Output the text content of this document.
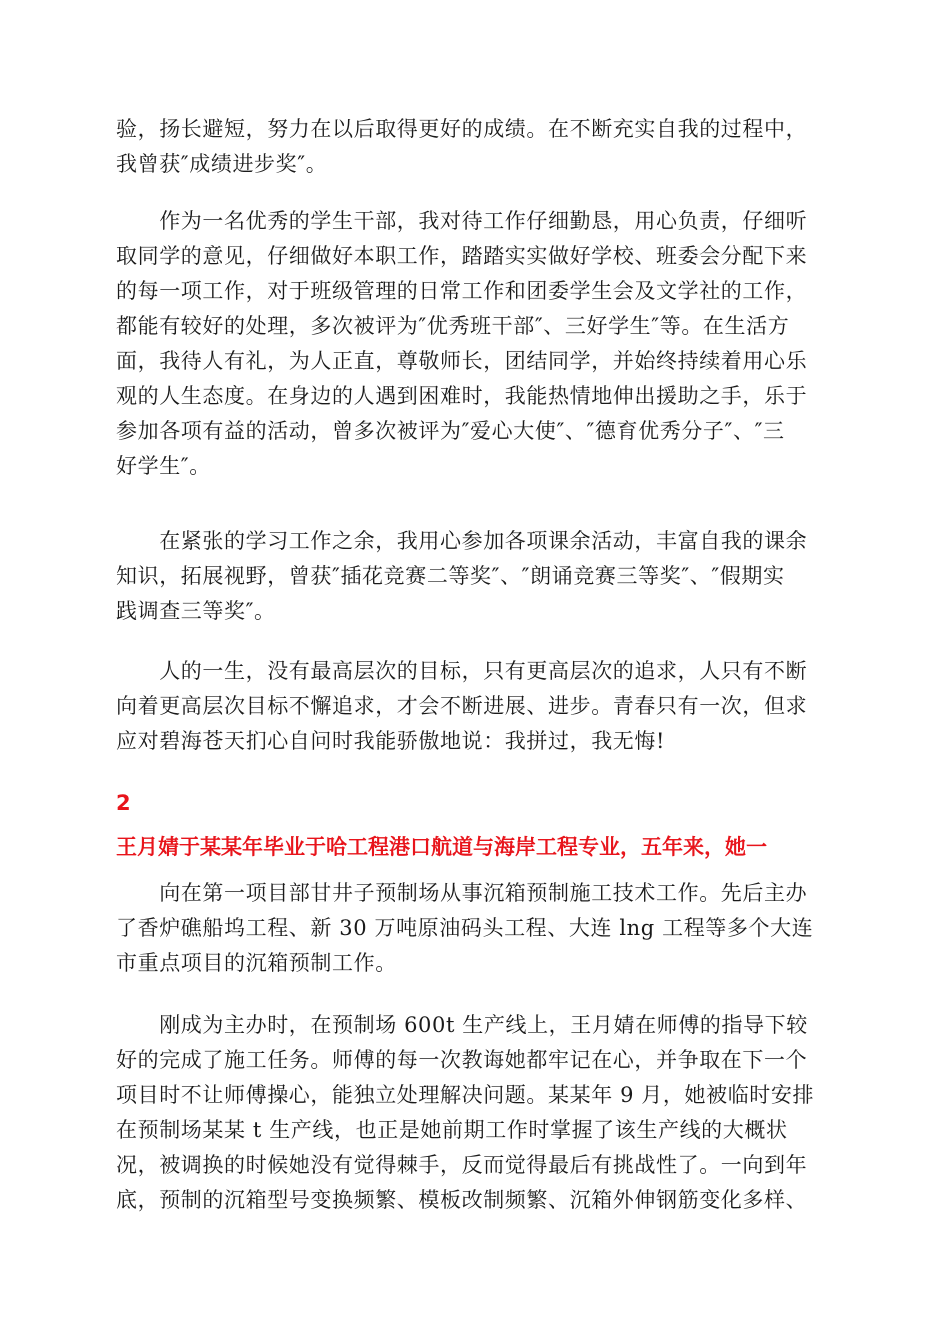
验，扬长避短，努力在以后取得更好的成绩。在不断充实自我的过程中，
我曾获″成绩进步奖″。

　　作为一名优秀的学生干部，我对待工作仔细勤恳，用心负责，仔细听
取同学的意见，仔细做好本职工作，踏踏实实做好学校、班委会分配下来
的每一项工作，对于班级管理的日常工作和团委学生会及文学社的工作，
都能有较好的处理，多次被评为″优秀班干部″、三好学生″等。在生活方
面，我待人有礼，为人正直，尊敬师长，团结同学，并始终持续着用心乐
观的人生态度。在身边的人遇到困难时，我能热情地伸出援助之手，乐于
参加各项有益的活动，曾多次被评为″爱心大使″、″德育优秀分子″、″三
好学生″。

　　在紧张的学习工作之余，我用心参加各项课余活动，丰富自我的课余
知识，拓展视野，曾获″插花竞赛二等奖″、″朗诵竞赛三等奖″、″假期实
践调查三等奖″。

　　人的一生，没有最高层次的目标，只有更高层次的追求，人只有不断
向着更高层次目标不懈追求，才会不断进展、进步。青春只有一次，但求
应对碧海苍天扪心自问时我能骄傲地说：我拼过，我无悔!

2
王月婧于某某年毕业于哈工程港口航道与海岸工程专业，五年来，她一

　　向在第一项目部甘井子预制场从事沉箱预制施工技术工作。先后主办
了香炉礁船坞工程、新 30 万吨原油码头工程、大连 lng 工程等多个大连
市重点项目的沉箱预制工作。

　　刚成为主办时，在预制场 600t 生产线上，王月婧在师傅的指导下较
好的完成了施工任务。师傅的每一次教诲她都牢记在心，并争取在下一个
项目时不让师傅操心，能独立处理解决问题。某某年 9 月，她被临时安排
在预制场某某 t 生产线，也正是她前期工作时掌握了该生产线的大概状
况，被调换的时候她没有觉得棘手，反而觉得最后有挑战性了。一向到年
底，预制的沉箱型号变换频繁、模板改制频繁、沉箱外伸钢筋变化多样、
